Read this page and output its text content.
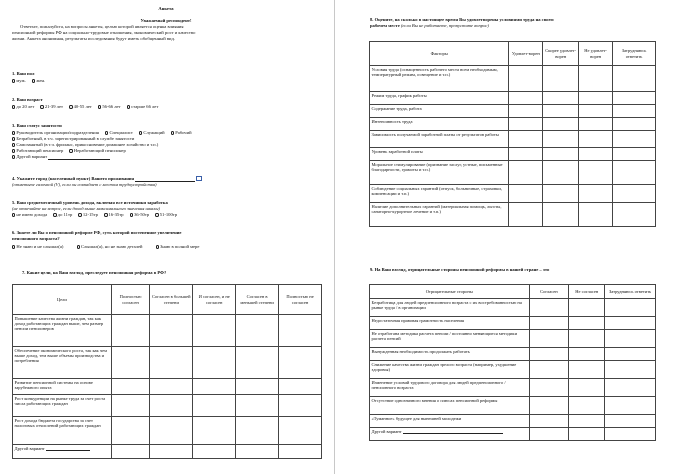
Анкета
Уважаемый респондент!
Ответьте, пожалуйста, на вопросы анкеты, целью которой является оценка влияния
пенсионной реформы РФ на социально-трудовые отношения, экономический рост и качество
жизни. Анкета анонимная, результаты исследования будут иметь обобщенный вид.
1. Ваш пол
муж. жен.
2. Ваш возраст
до 20 лет 21-39 лет 40-55 лет 56-66 лет старше 66 лет
3. Ваш статус занятости
Руководитель организации/подразделения Специалист Служащий Рабочий
Безработный, в т.ч. зарегистрированный в службе занятости
Самозанятый (в т.ч. фриланс, прикосновение домашнее хозяйство и т.п.)
Работающий пенсионер Неработающий пенсионер
Другой вариант
4. Укажите город (населенный пункт) Вашего проживания
(отметьте галочкой (V), если он совпадает с местом трудоустройства)
5. Ваш среднемесячный уровень дохода, включая все источники заработка
(не отвечайте на вопрос, если доход выше максимального значения шкалы)
не имею дохода до 11тр 12-15тр 16-35тр 36-50тр 51-100тр
6. Знаете ли Вы о пенсионной реформе РФ, суть которой постепенное увеличение
пенсионного возраста?
Не знаю и не слышал(а)	Слышал(а), но не знаю деталей	Знаю в полной мере
7. Какие цели, на Ваш взгляд, преследует пенсионная реформа в РФ?
Цели	Полностью согласен	Согласен в большей степени	И согласен, и не согласен	Согласен в меньшей степени	Полностью не согласен
Повышение качества жизни граждан, так как доход работающих граждан выше, чем размер пенсии пенсионеров					
Обеспечение экономического роста, так как чем выше доход, тем выше объемы производства и потребления					
Развитие пенсионной системы на основе зарубежного опыта					
Рост конкуренции на рынке труда за счет роста числа работающих граждан					
Рост дохода бюджета государства за счет налоговых отчислений работающих граждан					
Другой вариант					
8. Оцените, на сколько в настоящее время Вы удовлетворены условиями труда на своем
рабочем месте (если Вы не работаете, пропустите вопрос)
Факторы	Удовлет-ворен	Скорее удовлет-ворен	Не удовлет-ворен	Затрудняюсь ответить
Условия труда (оснащенность рабочего места всем необходимым, температурный режим, освещение и т.п.)				
Режим труда, график работы				
Содержание труда, работа				
Интенсивность труда				
Зависимость получаемой заработной платы от результатов работы				
Уровень заработной платы				
Моральное стимулирование (признание заслуг, устные, письменные благодарности, грамоты и т.п.)				
Соблюдение социальных гарантий (отпуск, больничные, страховки, компенсации и т.п.)				
Наличие дополнительных гарантий (материальная помощь, льготы, санаторно-курортное лечение и т.п.)				
9. На Ваш взгляд, отрицательные стороны пенсионной реформы в нашей стране – это
Отрицательные стороны	Согласен	Не согласен	Затрудняюсь ответить
Безработица для людей предпенсионного возраста с их востребованностью на рынке труда / в организации			
Недостаточная правовая грамотность населения			
Не отработана методика расчета пенсии / постоянно меняющиеся методики расчета пенсий			
Вынужденная необходимость продолжать работать			
Снижение качества жизни граждан зрелого возраста (например, ухудшение здоровья)			
Изменение условий трудового договора для людей предпенсионного / пенсионного возраста			
Отсутствие однозначного мнения о плюсах пенсионной реформы			
«Туманное» будущее для нынешней молодежи			
Другой вариант			
